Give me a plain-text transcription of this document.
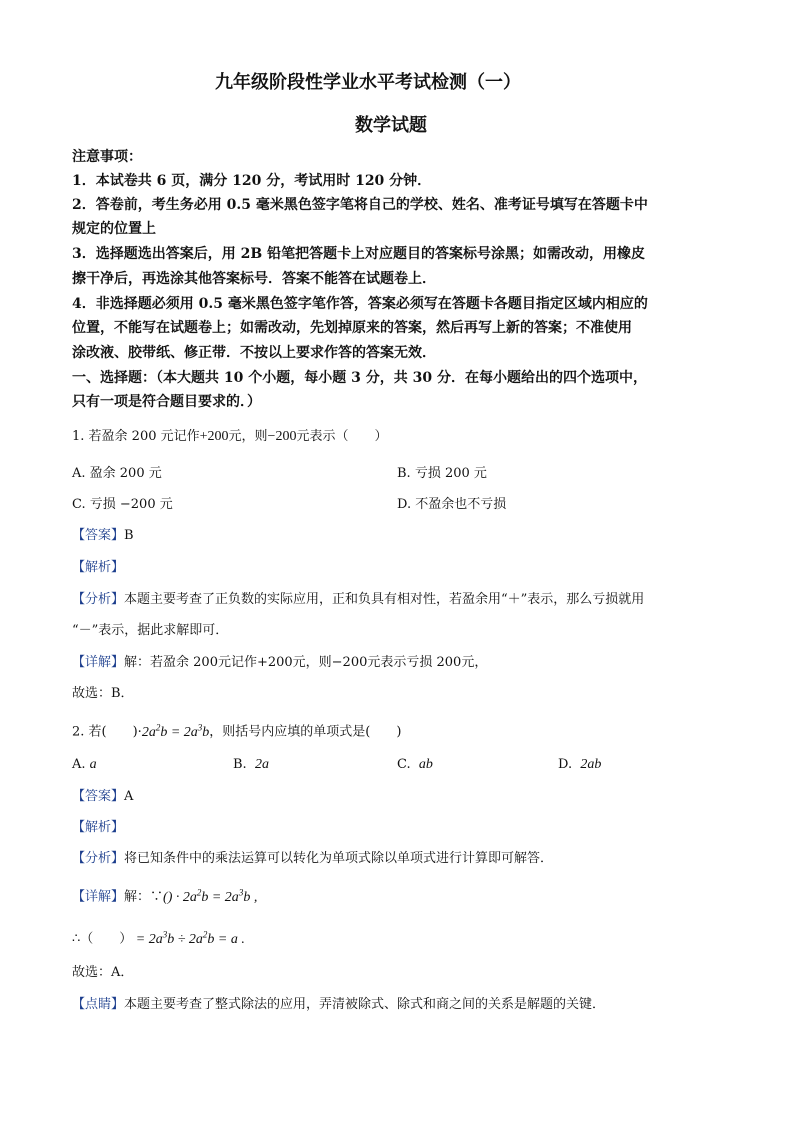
九年级阶段性学业水平考试检测（一）
数学试题
注意事项：
1．本试卷共 6 页，满分 120 分，考试用时 120 分钟．
2．答卷前，考生务必用 0.5 毫米黑色签字笔将自己的学校、姓名、准考证号填写在答题卡中
规定的位置上
3．选择题选出答案后，用 2B 铅笔把答题卡上对应题目的答案标号涂黑；如需改动，用橡皮
擦干净后，再选涂其他答案标号．答案不能答在试题卷上．
4．非选择题必须用 0.5 毫米黑色签字笔作答，答案必须写在答题卡各题目指定区域内相应的
位置，不能写在试题卷上；如需改动，先划掉原来的答案，然后再写上新的答案；不准使用
涂改液、胶带纸、修正带．不按以上要求作答的答案无效．
一、选择题：（本大题共 10 个小题，每小题 3 分，共 30 分．在每小题给出的四个选项中，
只有一项是符合题目要求的．）
1. 若盈余 200 元记作+200元，则−200元表示（　　）
A. 盈余 200 元	B. 亏损 200 元
C. 亏损 −200 元	D. 不盈余也不亏损
【答案】B
【解析】
【分析】本题主要考查了正负数的实际应用，正和负具有相对性，若盈余用“＋”表示，那么亏损就用
“－”表示，据此求解即可．
【详解】解：若盈余 200元记作+200元，则−200元表示亏损 200元，
故选：B．
2. 若(　　)$\cdot 2a^2b = 2a^3b$，则括号内应填的单项式是(　　)
A. a	B. 2a	C. ab	D. 2ab
【答案】A
【解析】
【分析】将已知条件中的乘法运算可以转化为单项式除以单项式进行计算即可解答．
【详解】解：∵() · $2a^2b = 2a^3b$ ,
∴（　　） = $2a^3b \div 2a^2b = a$ .
故选：A．
【点睛】本题主要考查了整式除法的应用，弄清被除式、除式和商之间的关系是解题的关键．
